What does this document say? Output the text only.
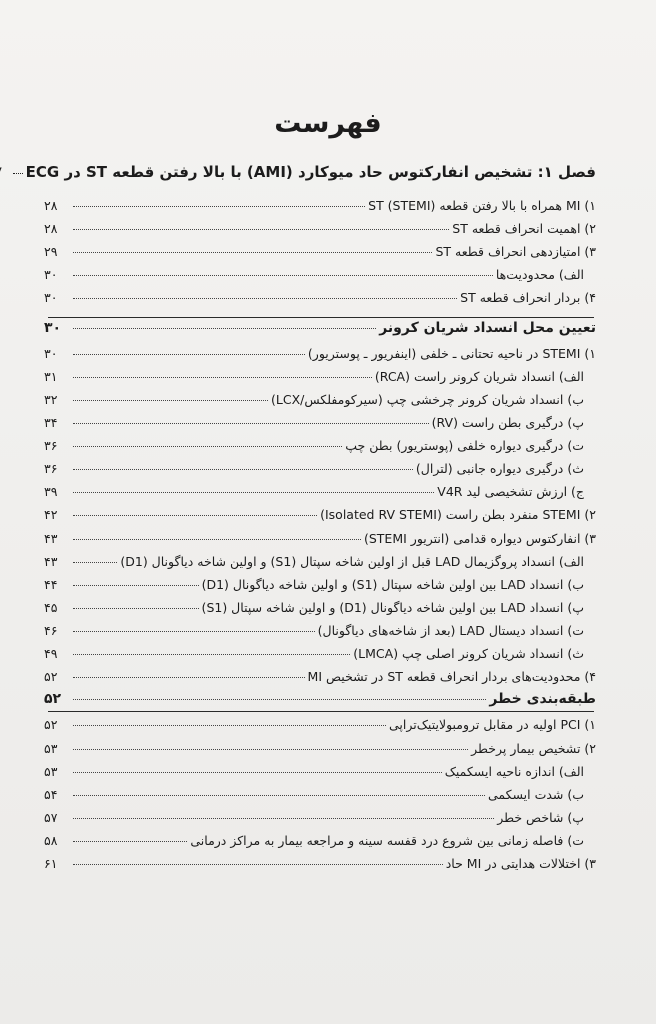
فهرست
فصل ۱: تشخیص انفارکتوس حاد میوکارد (AMI) با بالا رفتن قطعه ST در ECG
۱) MI همراه با بالا رفتن قطعه ST (STEMI)
۲۸
۲) اهمیت انحراف قطعه ST
۲۸
۳) امتیازدهی انحراف قطعه ST
۲۹
الف) محدودیت‌ها
۳۰
۴) بردار انحراف قطعه ST
۳۰
تعیین محل انسداد شریان کرونر
۳۰
۱) STEMI در ناحیه تحتانی ـ خلفی (اینفریور ـ پوستریور)
۳۰
الف) انسداد شریان کرونر راست (RCA)
۳۱
ب) انسداد شریان کرونر چرخشی چپ (سیرکومفلکس/LCX)
۳۲
پ) درگیری بطن راست (RV)
۳۴
ت) درگیری دیواره خلفی (پوستریور) بطن چپ
۳۶
ث) درگیری دیواره جانبی (لترال)
۳۶
ج) ارزش تشخیصی لید V4R
۳۹
۲) STEMI منفرد بطن راست (Isolated RV STEMI)
۴۲
۳) انفارکتوس دیواره قدامی (انتریور STEMI)
۴۳
الف) انسداد پروگزیمال LAD قبل از اولین شاخه سپتال (S1) و اولین شاخه دیاگونال (D1)
۴۳
ب) انسداد LAD بین اولین شاخه سپتال (S1) و اولین شاخه دیاگونال (D1)
۴۴
پ) انسداد LAD بین اولین شاخه دیاگونال (D1) و اولین شاخه سپتال (S1)
۴۵
ت) انسداد دیستال LAD (بعد از شاخه‌های دیاگونال)
۴۶
ث) انسداد شریان کرونر اصلی چپ (LMCA)
۴۹
۴) محدودیت‌های بردار انحراف قطعه ST در تشخیص MI
۵۲
طبقه‌بندی خطر
۵۲
۱) PCI اولیه در مقابل ترومبولایتیک‌تراپی
۵۲
۲) تشخیص بیمار پرخطر
۵۳
الف) اندازه ناحیه ایسکمیک
۵۳
ب) شدت ایسکمی
۵۴
پ) شاخص خطر
۵۷
ت) فاصله زمانی بین شروع درد قفسه سینه و مراجعه بیمار به مراکز درمانی
۵۸
۳) اختلالات هدایتی در MI حاد
۶۱
